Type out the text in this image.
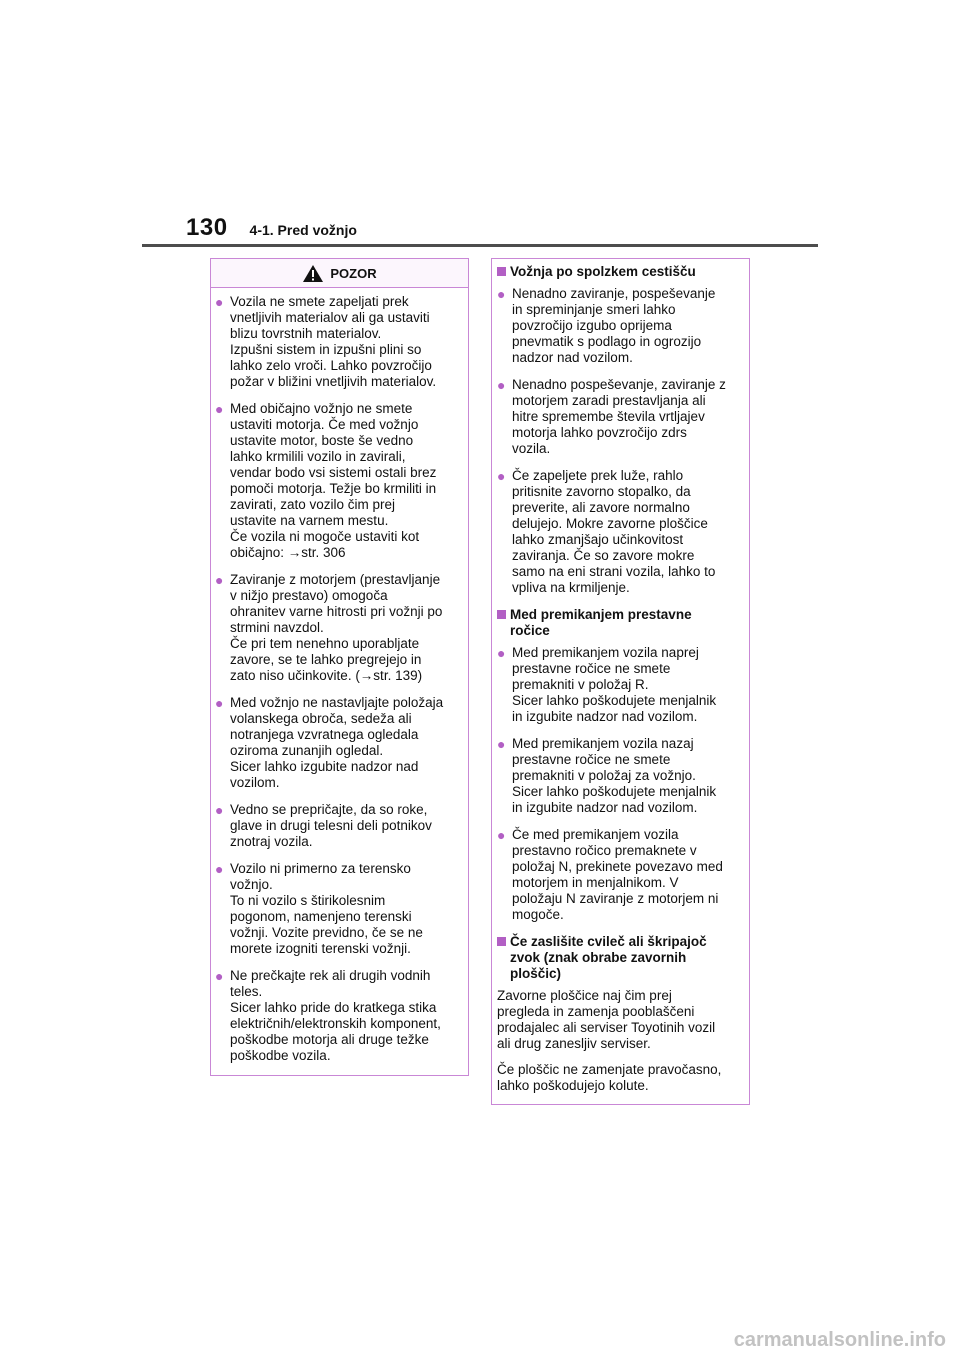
130 4-1. Pred vožnjo
POZOR
● Vozila ne smete zapeljati prek
vnetljivih materialov ali ga ustaviti
blizu tovrstnih materialov.
Izpušni sistem in izpušni plini so
lahko zelo vroči. Lahko povzročijo
požar v bližini vnetljivih materialov.
● Med običajno vožnjo ne smete
ustaviti motorja. Če med vožnjo
ustavite motor, boste še vedno
lahko krmilili vozilo in zavirali,
vendar bodo vsi sistemi ostali brez
pomoči motorja. Težje bo krmiliti in
zavirati, zato vozilo čim prej
ustavite na varnem mestu.
Če vozila ni mogoče ustaviti kot
običajno: →str. 306
● Zaviranje z motorjem (prestavljanje
v nižjo prestavo) omogoča
ohranitev varne hitrosti pri vožnji po
strmini navzdol.
Če pri tem nenehno uporabljate
zavore, se te lahko pregrejejo in
zato niso učinkovite. (→str. 139)
● Med vožnjo ne nastavljajte položaja
volanskega obroča, sedeža ali
notranjega vzvratnega ogledala
oziroma zunanjih ogledal.
Sicer lahko izgubite nadzor nad
vozilom.
● Vedno se prepričajte, da so roke,
glave in drugi telesni deli potnikov
znotraj vozila.
● Vozilo ni primerno za terensko
vožnjo.
To ni vozilo s štirikolesnim
pogonom, namenjeno terenski
vožnji. Vozite previdno, če se ne
morete izogniti terenski vožnji.
● Ne prečkajte rek ali drugih vodnih
teles.
Sicer lahko pride do kratkega stika
električnih/elektronskih komponent,
poškodbe motorja ali druge težke
poškodbe vozila.
Vožnja po spolzkem cestišču
● Nenadno zaviranje, pospeševanje
in spreminjanje smeri lahko
povzročijo izgubo oprijema
pnevmatik s podlago in ogrozijo
nadzor nad vozilom.
● Nenadno pospeševanje, zaviranje z
motorjem zaradi prestavljanja ali
hitre spremembe števila vrtljajev
motorja lahko povzročijo zdrs
vozila.
● Če zapeljete prek luže, rahlo
pritisnite zavorno stopalko, da
preverite, ali zavore normalno
delujejo. Mokre zavorne ploščice
lahko zmanjšajo učinkovitost
zaviranja. Če so zavore mokre
samo na eni strani vozila, lahko to
vpliva na krmiljenje.
Med premikanjem prestavne
ročice
● Med premikanjem vozila naprej
prestavne ročice ne smete
premakniti v položaj R.
Sicer lahko poškodujete menjalnik
in izgubite nadzor nad vozilom.
● Med premikanjem vozila nazaj
prestavne ročice ne smete
premakniti v položaj za vožnjo.
Sicer lahko poškodujete menjalnik
in izgubite nadzor nad vozilom.
● Če med premikanjem vozila
prestavno ročico premaknete v
položaj N, prekinete povezavo med
motorjem in menjalnikom. V
položaju N zaviranje z motorjem ni
mogoče.
Če zaslišite cvileč ali škripajoč
zvok (znak obrabe zavornih
ploščic)
Zavorne ploščice naj čim prej
pregleda in zamenja pooblaščeni
prodajalec ali serviser Toyotinih vozil
ali drug zanesljiv serviser.
Če ploščic ne zamenjate pravočasno,
lahko poškodujejo kolute.
carmanualsonline.info
